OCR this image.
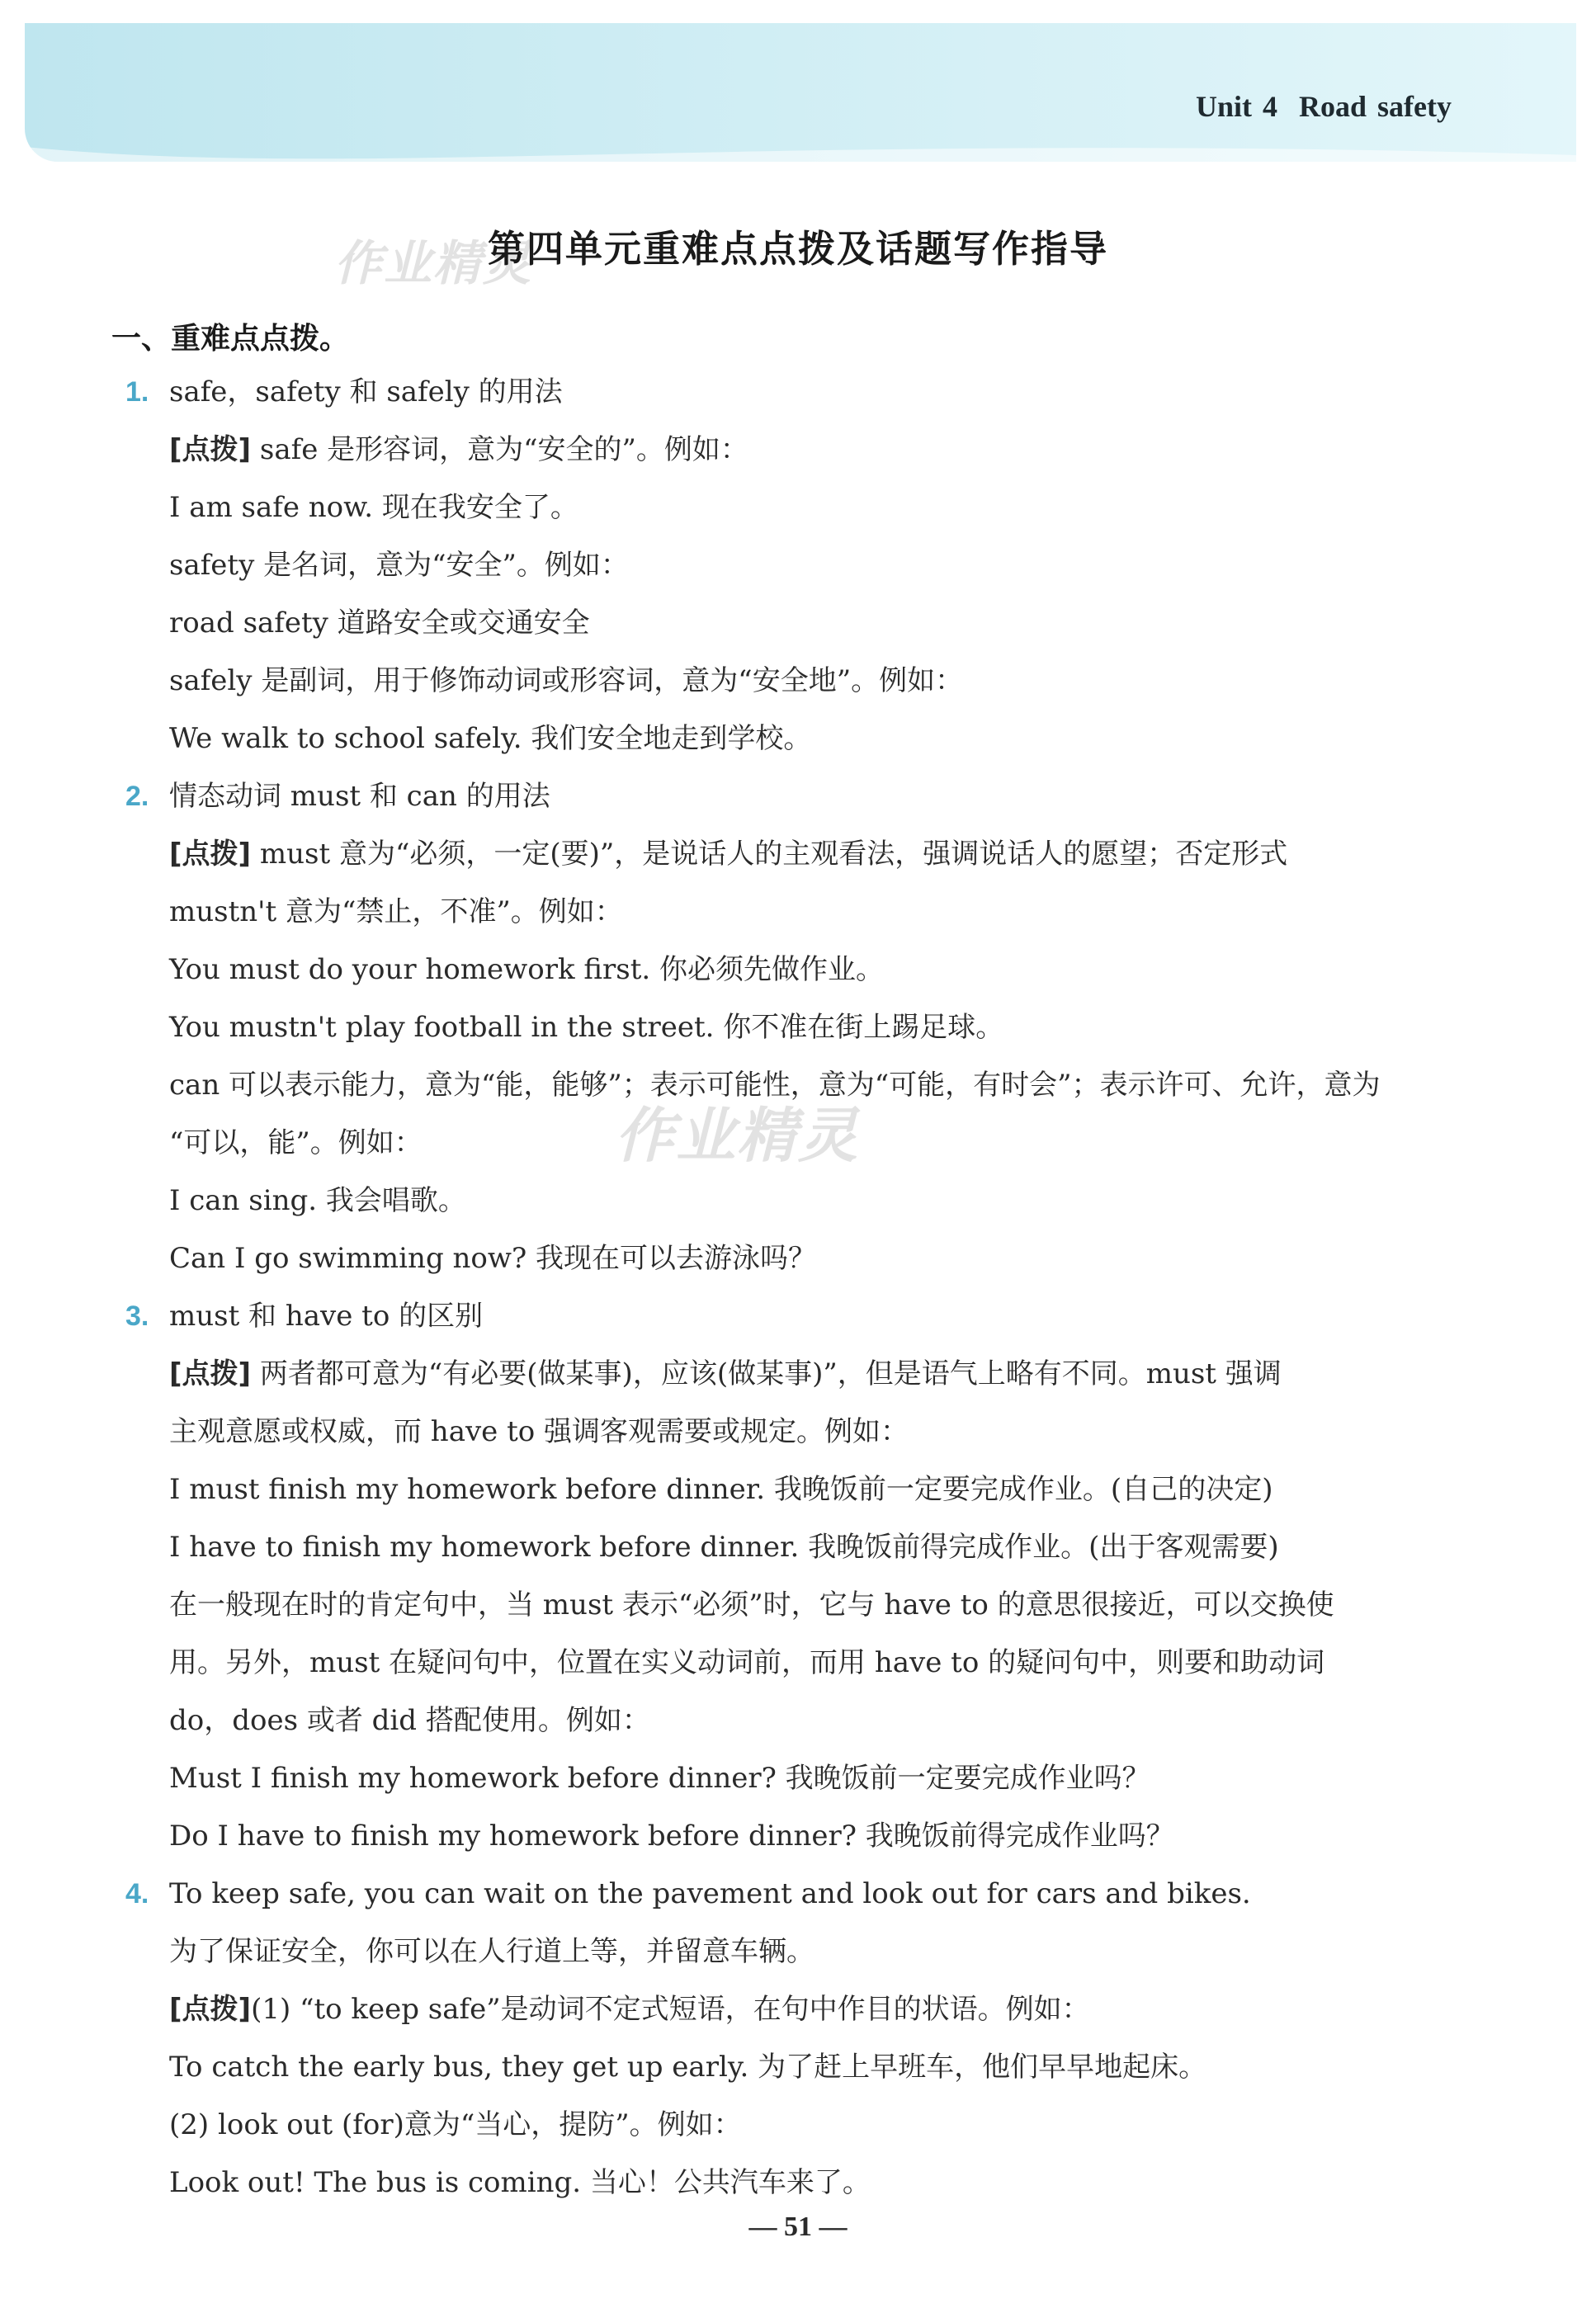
Unit 4 Road safety
作业精灵
作业精灵
第四单元重难点点拨及话题写作指导
一、重难点点拨。
1. safe，safety 和 safely 的用法
[点拨] safe 是形容词，意为“安全的”。例如：
I am safe now. 现在我安全了。
safety 是名词，意为“安全”。例如：
road safety 道路安全或交通安全
safely 是副词，用于修饰动词或形容词，意为“安全地”。例如：
We walk to school safely. 我们安全地走到学校。
2. 情态动词 must 和 can 的用法
[点拨] must 意为“必须，一定(要)”，是说话人的主观看法，强调说话人的愿望；否定形式
mustn't 意为“禁止，不准”。例如：
You must do your homework first. 你必须先做作业。
You mustn't play football in the street. 你不准在街上踢足球。
can 可以表示能力，意为“能，能够”；表示可能性，意为“可能，有时会”；表示许可、允许，意为
“可以，能”。例如：
I can sing. 我会唱歌。
Can I go swimming now? 我现在可以去游泳吗？
3. must 和 have to 的区别
[点拨] 两者都可意为“有必要(做某事)，应该(做某事)”，但是语气上略有不同。must 强调
主观意愿或权威，而 have to 强调客观需要或规定。例如：
I must finish my homework before dinner. 我晚饭前一定要完成作业。(自己的决定)
I have to finish my homework before dinner. 我晚饭前得完成作业。(出于客观需要)
在一般现在时的肯定句中，当 must 表示“必须”时，它与 have to 的意思很接近，可以交换使
用。另外，must 在疑问句中，位置在实义动词前，而用 have to 的疑问句中，则要和助动词
do，does 或者 did 搭配使用。例如：
Must I finish my homework before dinner? 我晚饭前一定要完成作业吗？
Do I have to finish my homework before dinner? 我晚饭前得完成作业吗？
4. To keep safe, you can wait on the pavement and look out for cars and bikes.
为了保证安全，你可以在人行道上等，并留意车辆。
[点拨](1) “to keep safe”是动词不定式短语，在句中作目的状语。例如：
To catch the early bus, they get up early. 为了赶上早班车，他们早早地起床。
(2) look out (for)意为“当心，提防”。例如：
Look out! The bus is coming. 当心！公共汽车来了。
— 51 —
